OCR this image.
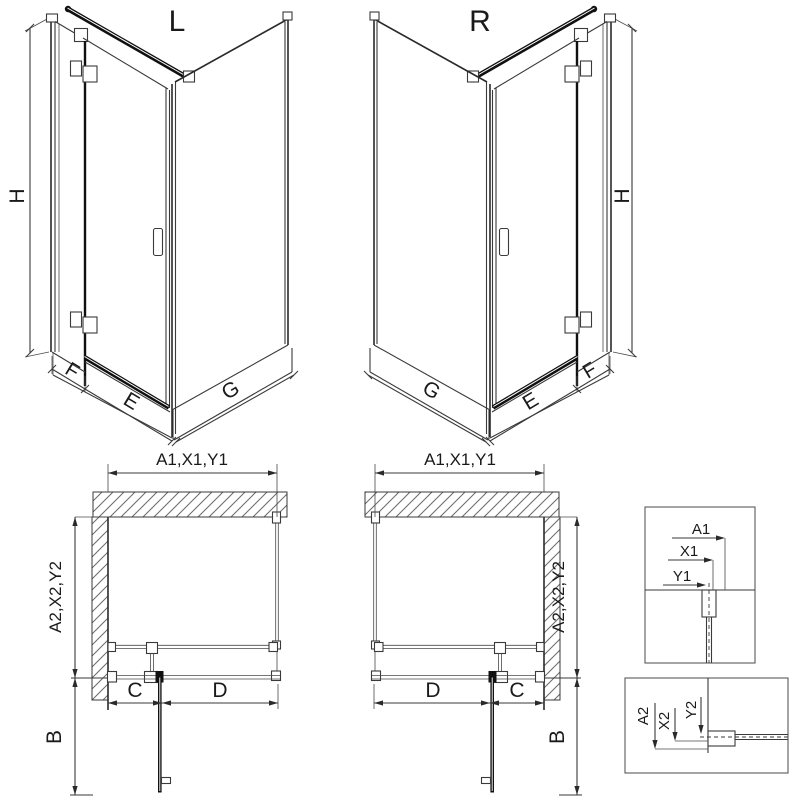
L
H
F
E	G
R
H
F
E
G
A1,X1,Y1
A2,X2,Y2
B
C	D
A1,X1,Y1
A2,X2,Y2
B
D	C
A1
X1
Y1
A2 X2
Y2
